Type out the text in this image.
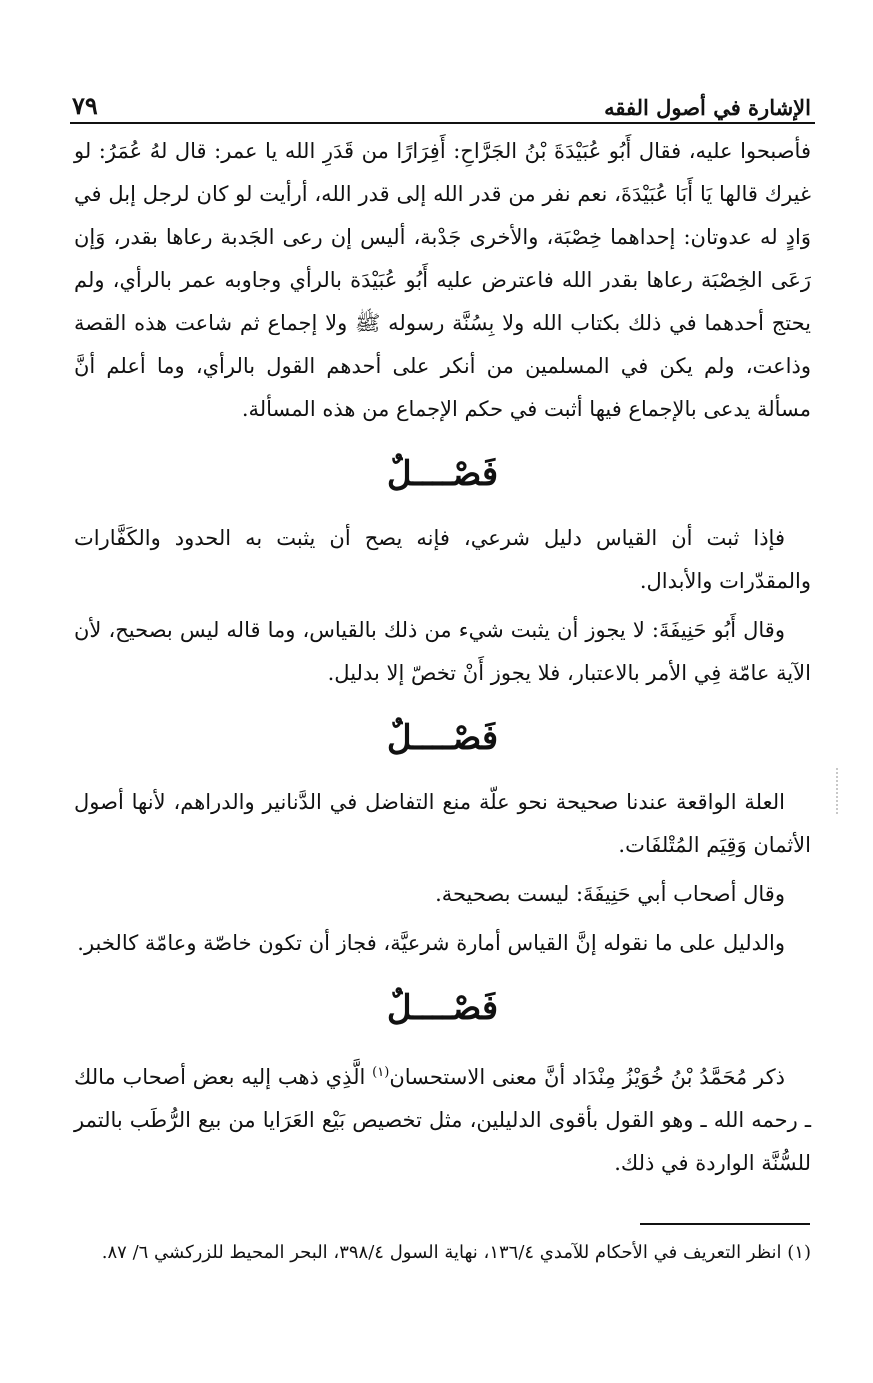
الإشارة في أصول الفقه
٧٩

فأصبحوا عليه، فقال أَبُو عُبَيْدَةَ بْنُ الجَرَّاحِ: أَفِرَارًا من قَدَرِ الله يا عمر: قال لهُ عُمَرُ: لو غيرك قالها يَا أَبَا عُبَيْدَةَ، نعم نفر من قدر الله إلى قدر الله، أرأيت لو كان لرجل إبل في وَادٍ له عدوتان: إحداهما خِصْبَة، والأخرى جَدْبة، أليس إن رعى الجَدبة رعاها بقدر، وَإن رَعَى الخِصْبَة رعاها بقدر الله فاعترض عليه أَبُو عُبَيْدَة بالرأي وجاوبه عمر بالرأي، ولم يحتج أحدهما في ذلك بكتاب الله ولا بِسُنَّة رسوله ﷺ ولا إجماع ثم شاعت هذه القصة وذاعت، ولم يكن في المسلمين من أنكر على أحدهم القول بالرأي، وما أعلم أنَّ مسألة يدعى بالإجماع فيها أثبت في حكم الإجماع من هذه المسألة.

فَصْــــلٌ

فإذا ثبت أن القياس دليل شرعي، فإنه يصح أن يثبت به الحدود والكَفَّارات والمقدّرات والأبدال.

وقال أَبُو حَنِيفَةَ: لا يجوز أن يثبت شيء من ذلك بالقياس، وما قاله ليس بصحيح، لأن الآية عامّة فِي الأمر بالاعتبار، فلا يجوز أَنْ تخصّ إلا بدليل.

فَصْــــلٌ

العلة الواقعة عندنا صحيحة نحو علّة منع التفاضل في الدَّنانير والدراهم، لأنها أصول الأثمان وَقِيَم المُتْلفَات.

وقال أصحاب أبي حَنِيفَةَ: ليست بصحيحة.

والدليل على ما نقوله إنَّ القياس أمارة شرعيَّة، فجاز أن تكون خاصّة وعامّة كالخبر.

فَصْــــلٌ

ذكر مُحَمَّدُ بْنُ خُوَيْزُ مِنْدَاد أنَّ معنى الاستحسان$^{(١)}$ الَّذِي ذهب إليه بعض أصحاب مالك ـ رحمه الله ـ وهو القول بأقوى الدليلين، مثل تخصيص بَيْع العَرَايا من بيع الرُّطَب بالتمر للسُّنَّة الواردة في ذلك.

(١) انظر التعريف في الأحكام للآمدي ١٣٦/٤، نهاية السول ٣٩٨/٤، البحر المحيط للزركشي ٦/ ٨٧.
